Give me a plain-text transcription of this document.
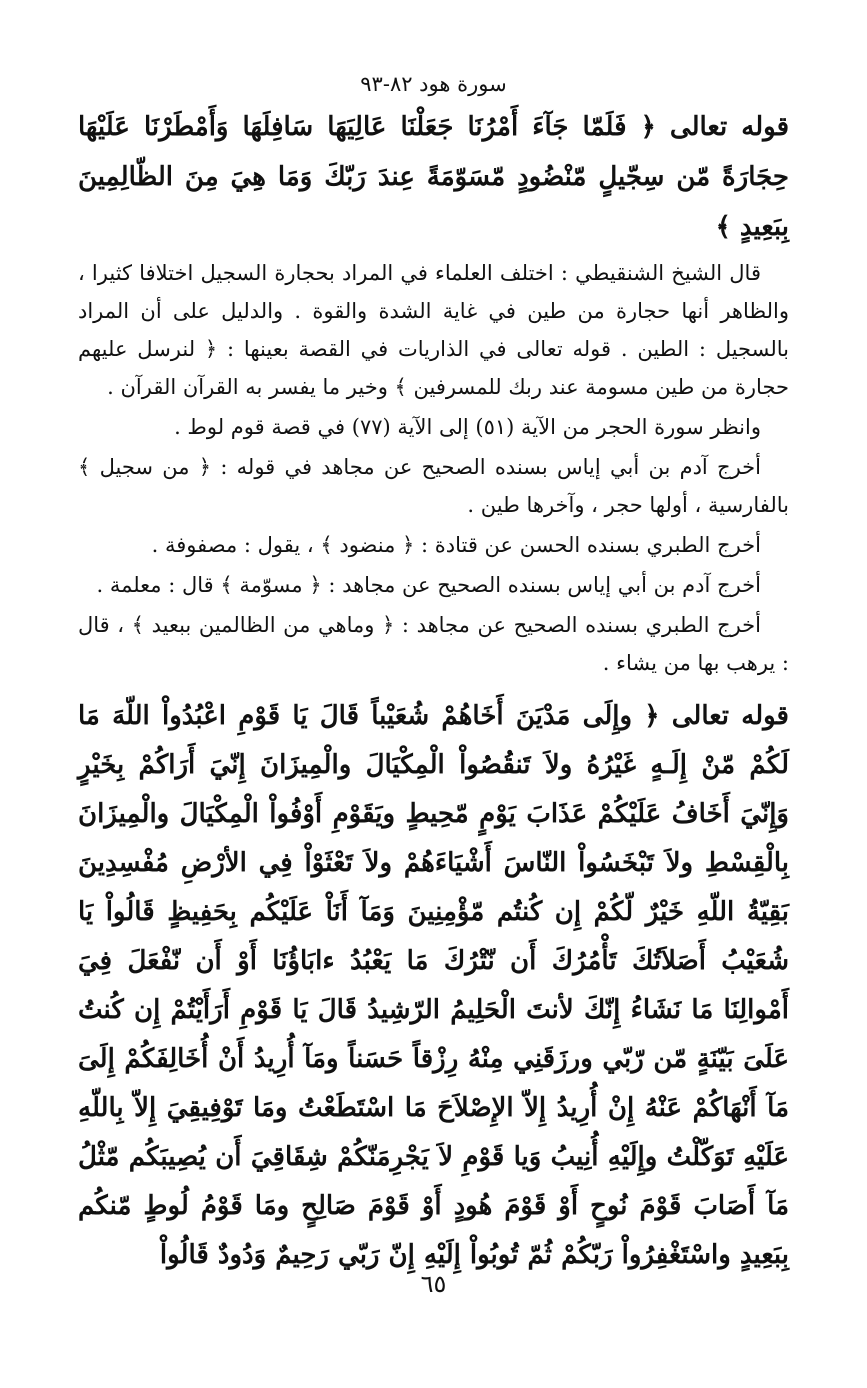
سورة هود ٨٢-٩٣
قوله تعالى ﴿ فَلَمّا جَآءَ أَمْرُنَا جَعَلْنَا عَالِيَهَا سَافِلَهَا وَأَمْطَرْنَا عَلَيْهَا حِجَارَةً مّن سِجّيلٍ مّنْضُودٍ مّسَوّمَةً عِندَ رَبّكَ وَمَا هِيَ مِنَ الظّالِمِينَ بِبَعِيدٍ ﴾

قال الشيخ الشنقيطي : اختلف العلماء في المراد بحجارة السجيل اختلافا كثيرا ، والظاهر أنها حجارة من طين في غاية الشدة والقوة . والدليل على أن المراد بالسجيل : الطين . قوله تعالى في الذاريات في القصة بعينها : ﴿ لنرسل عليهم حجارة من طين مسومة عند ربك للمسرفين ﴾ وخير ما يفسر به القرآن القرآن .

وانظر سورة الحجر من الآية (٥١) إلى الآية (٧٧) في قصة قوم لوط .

أخرج آدم بن أبي إياس بسنده الصحيح عن مجاهد في قوله : ﴿ من سجيل ﴾ بالفارسية ، أولها حجر ، وآخرها طين .

أخرج الطبري بسنده الحسن عن قتادة : ﴿ منضود ﴾ ، يقول : مصفوفة .

أخرج آدم بن أبي إياس بسنده الصحيح عن مجاهد : ﴿ مسوّمة ﴾ قال : معلمة .

أخرج الطبري بسنده الصحيح عن مجاهد : ﴿ وماهي من الظالمين ببعيد ﴾ ، قال : يرهب بها من يشاء .

قوله تعالى ﴿ وإِلَى مَدْيَنَ أَخَاهُمْ شُعَيْباً قَالَ يَا قَوْمِ اعْبُدُواْ اللّهَ مَا لَكُمْ مّنْ إِلَـهٍ غَيْرُهُ ولاَ تَنقُصُواْ الْمِكْيَالَ والْمِيزَانَ إِنّيَ أَرَاكُمْ بِخَيْرٍ وَإِنّيَ أَخَافُ عَلَيْكُمْ عَذَابَ يَوْمٍ مّحِيطٍ ويَقَوْمِ أَوْفُواْ الْمِكْيَالَ والْمِيزَانَ بِالْقِسْطِ ولاَ تَبْخَسُواْ النّاسَ أَشْيَاءَهُمْ ولاَ تَعْثَوْاْ فِي الأرْضِ مُفْسِدِينَ بَقِيّةُ اللّهِ خَيْرٌ لّكُمْ إِن كُنتُم مّؤْمِنِينَ وَمَآ أَنَاْ عَلَيْكُم بِحَفِيظٍ قَالُواْ يَا شُعَيْبُ أَصَلاَتُكَ تَأْمُرُكَ أَن نّتْرُكَ مَا يَعْبُدُ ءابَاؤُنَا أَوْ أَن نّفْعَلَ فِيَ أَمْوالِنَا مَا نَشَاءُ إِنّكَ لأنتَ الْحَلِيمُ الرّشِيدُ قَالَ يَا قَوْمِ أَرَأَيْتُمْ إِن كُنتُ عَلَىَ بَيّنَةٍ مّن رّبّي ورزَقَنِي مِنْهُ رِزْقاً حَسَناً ومَآ أُرِيدُ أَنْ أُخَالِفَكُمْ إِلَىَ مَآ أَنْهَاكُمْ عَنْهُ إِنْ أُرِيدُ إِلاّ الإِصْلاَحَ مَا اسْتَطَعْتُ ومَا تَوْفِيقِيَ إِلاّ بِاللّهِ عَلَيْهِ تَوَكّلْتُ وإِلَيْهِ أُنِيبُ وَيا قَوْمِ لاَ يَجْرِمَنّكُمْ شِقَاقِيَ أَن يُصِيبَكُم مّثْلُ مَآ أَصَابَ قَوْمَ نُوحٍ أَوْ قَوْمَ هُودٍ أَوْ قَوْمَ صَالِحٍ ومَا قَوْمُ لُوطٍ مّنكُم بِبَعِيدٍ واسْتَغْفِرُواْ رَبّكُمْ ثُمّ تُوبُواْ إِلَيْهِ إِنّ رَبّي رَحِيمٌ وَدُودٌ قَالُواْ
٦٥
